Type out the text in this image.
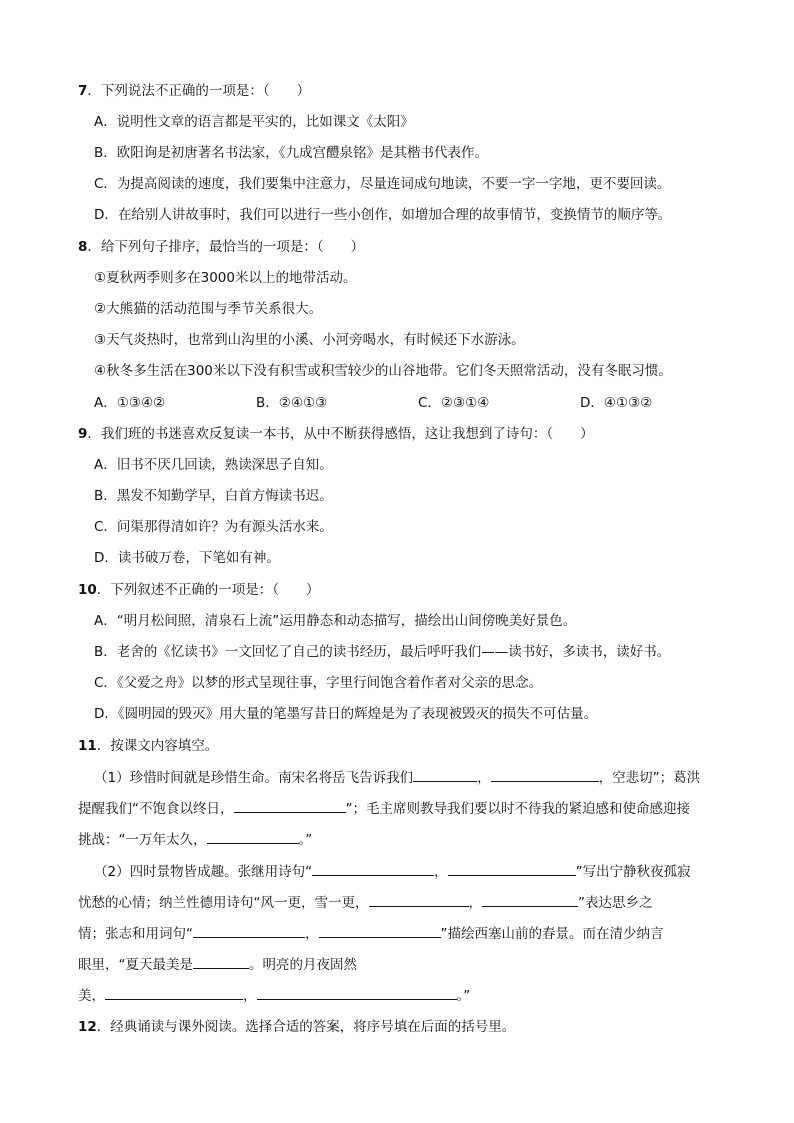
7．下列说法不正确的一项是：（　　）
A．说明性文章的语言都是平实的，比如课文《太阳》
B．欧阳询是初唐著名书法家，《九成宫醴泉铭》是其楷书代表作。
C．为提高阅读的速度，我们要集中注意力，尽量连词成句地读，不要一字一字地，更不要回读。
D．在给别人讲故事时，我们可以进行一些小创作，如增加合理的故事情节，变换情节的顺序等。
8．给下列句子排序，最恰当的一项是：（　　）
①夏秋两季则多在3000米以上的地带活动。
②大熊猫的活动范围与季节关系很大。
③天气炎热时，也常到山沟里的小溪、小河旁喝水，有时候还下水游泳。
④秋冬多生活在300米以下没有积雪或积雪较少的山谷地带。它们冬天照常活动，没有冬眠习惯。
A．①③④②	B．②④①③	C．②③①④	D．④①③②
9．我们班的书迷喜欢反复读一本书，从中不断获得感悟，这让我想到了诗句：（　　）
A．旧书不厌几回读，熟读深思子自知。
B．黑发不知勤学早，白首方悔读书迟。
C．问渠那得清如许？为有源头活水来。
D．读书破万卷，下笔如有神。
10．下列叙述不正确的一项是：（　　）
A．“明月松间照，清泉石上流”运用静态和动态描写，描绘出山间傍晚美好景色。
B．老舍的《忆读书》一文回忆了自己的读书经历，最后呼吁我们——读书好，多读书，读好书。
C．《父爱之舟》以梦的形式呈现往事，字里行间饱含着作者对父亲的思念。
D．《圆明园的毁灭》用大量的笔墨写昔日的辉煌是为了表现被毁灭的损失不可估量。
11．按课文内容填空。
（1）珍惜时间就是珍惜生命。南宋名将岳飞告诉我们	，	，空悲切”；葛洪
提醒我们“不饱食以终日，	”；毛主席则教导我们要以时不待我的紧迫感和使命感迎接
挑战：“一万年太久，	。”
（2）四时景物皆成趣。张继用诗句“	，	”写出宁静秋夜孤寂
忧愁的心情；纳兰性德用诗句“风一更，雪一更，	，	”表达思乡之
情；张志和用词句“	，	”描绘西塞山前的春景。而在清少纳言
眼里，“夏天最美是	。明亮的月夜固然
美，	，	。”
12．经典诵读与课外阅读。选择合适的答案，将序号填在后面的括号里。
